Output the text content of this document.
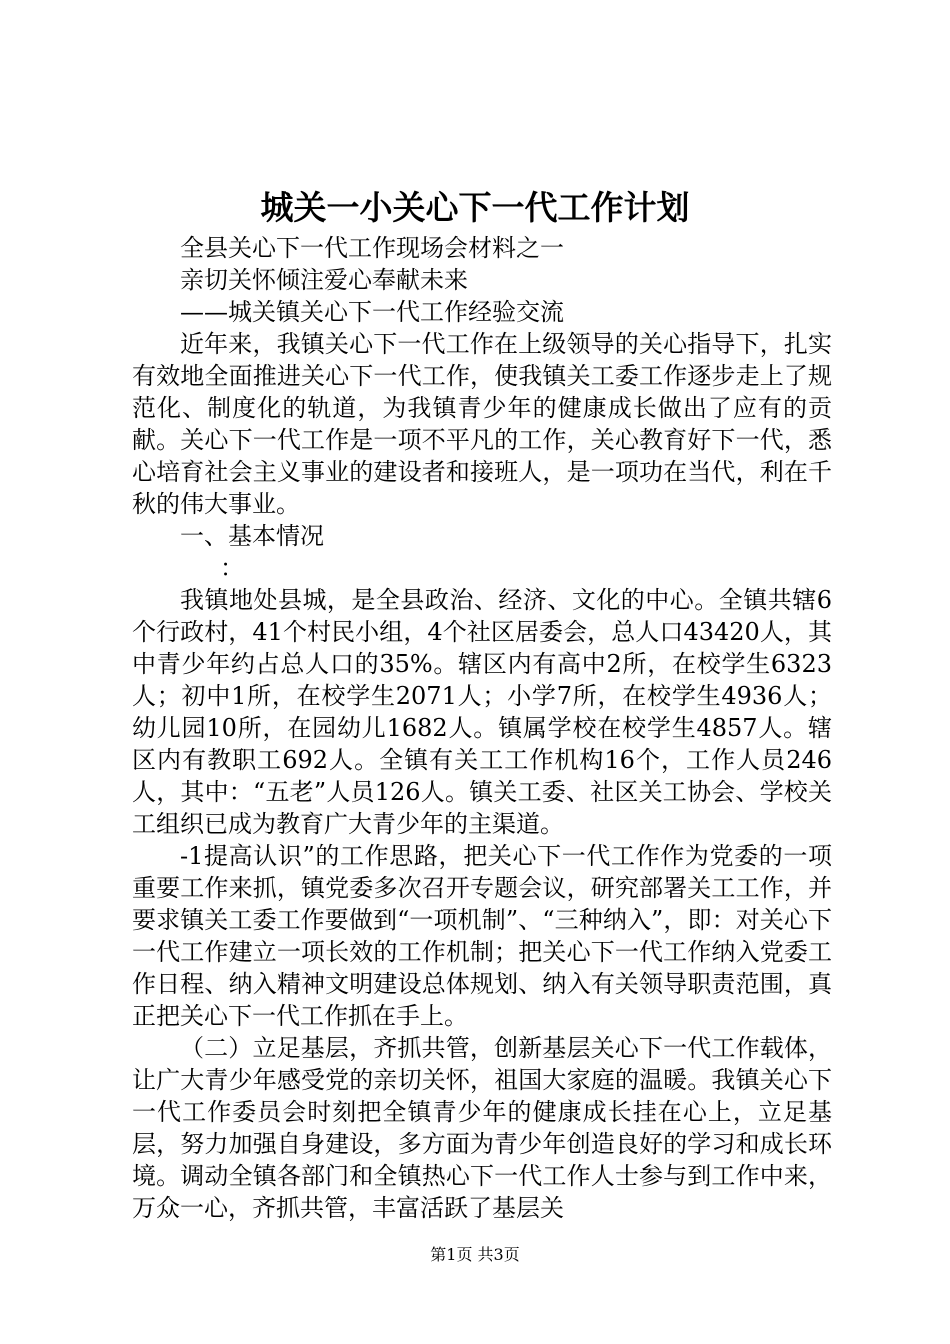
城关一小关心下一代工作计划

全县关心下一代工作现场会材料之一

亲切关怀倾注爱心奉献未来

——城关镇关心下一代工作经验交流

近年来，我镇关心下一代工作在上级领导的关心指导下，扎实有效地全面推进关心下一代工作，使我镇关工委工作逐步走上了规范化、制度化的轨道，为我镇青少年的健康成长做出了应有的贡献。关心下一代工作是一项不平凡的工作，关心教育好下一代，悉心培育社会主义事业的建设者和接班人，是一项功在当代，利在千秋的伟大事业。

一、基本情况

：

我镇地处县城，是全县政治、经济、文化的中心。全镇共辖6个行政村，41个村民小组，4个社区居委会，总人口43420人，其中青少年约占总人口的35%。辖区内有高中2所，在校学生6323人；初中1所，在校学生2071人；小学7所，在校学生4936人；幼儿园10所，在园幼儿1682人。镇属学校在校学生4857人。辖区内有教职工692人。全镇有关工工作机构16个，工作人员246人，其中：“五老”人员126人。镇关工委、社区关工协会、学校关工组织已成为教育广大青少年的主渠道。

-1提高认识”的工作思路，把关心下一代工作作为党委的一项重要工作来抓，镇党委多次召开专题会议，研究部署关工工作，并要求镇关工委工作要做到“一项机制”、“三种纳入”，即：对关心下一代工作建立一项长效的工作机制；把关心下一代工作纳入党委工作日程、纳入精神文明建设总体规划、纳入有关领导职责范围，真正把关心下一代工作抓在手上。

（二）立足基层，齐抓共管，创新基层关心下一代工作载体，让广大青少年感受党的亲切关怀，祖国大家庭的温暖。我镇关心下一代工作委员会时刻把全镇青少年的健康成长挂在心上，立足基层，努力加强自身建设，多方面为青少年创造良好的学习和成长环境。调动全镇各部门和全镇热心下一代工作人士参与到工作中来，万众一心，齐抓共管，丰富活跃了基层关

第1页 共3页
